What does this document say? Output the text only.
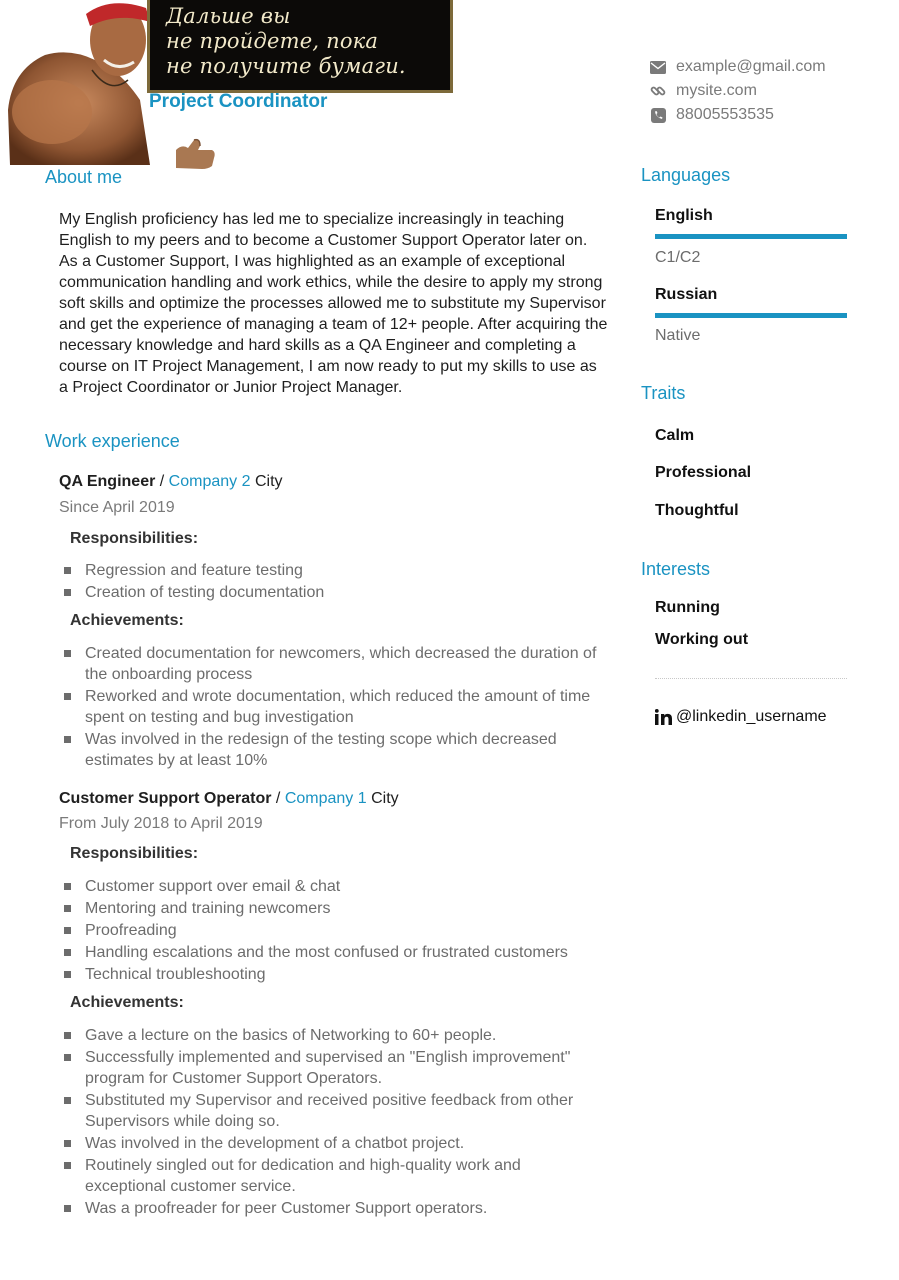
Дальше вы
не пройдете, пока
не получите бумаги.
Project Coordinator
About me
My English proficiency has led me to specialize increasingly in teaching English to my peers and to become a Customer Support Operator later on. As a Customer Support, I was highlighted as an example of exceptional communication handling and work ethics, while the desire to apply my strong soft skills and optimize the processes allowed me to substitute my Supervisor and get the experience of managing a team of 12+ people. After acquiring the necessary knowledge and hard skills as a QA Engineer and completing a course on IT Project Management, I am now ready to put my skills to use as a Project Coordinator or Junior Project Manager.
Work experience
QA Engineer / Company 2 City
Since April 2019
Responsibilities:
Regression and feature testing
Creation of testing documentation
Achievements:
Created documentation for newcomers, which decreased the duration of the onboarding process
Reworked and wrote documentation, which reduced the amount of time spent on testing and bug investigation
Was involved in the redesign of the testing scope which decreased estimates by at least 10%
Customer Support Operator / Company 1 City
From July 2018 to April 2019
Responsibilities:
Customer support over email & chat
Mentoring and training newcomers
Proofreading
Handling escalations and the most confused or frustrated customers
Technical troubleshooting
Achievements:
Gave a lecture on the basics of Networking to 60+ people.
Successfully implemented and supervised an "English improvement" program for Customer Support Operators.
Substituted my Supervisor and received positive feedback from other Supervisors while doing so.
Was involved in the development of a chatbot project.
Routinely singled out for dedication and high-quality work and exceptional customer service.
Was a proofreader for peer Customer Support operators.
example@gmail.com
mysite.com
88005553535
Languages
English
C1/C2
Russian
Native
Traits
Calm
Professional
Thoughtful
Interests
Running
Working out
@linkedin_username
